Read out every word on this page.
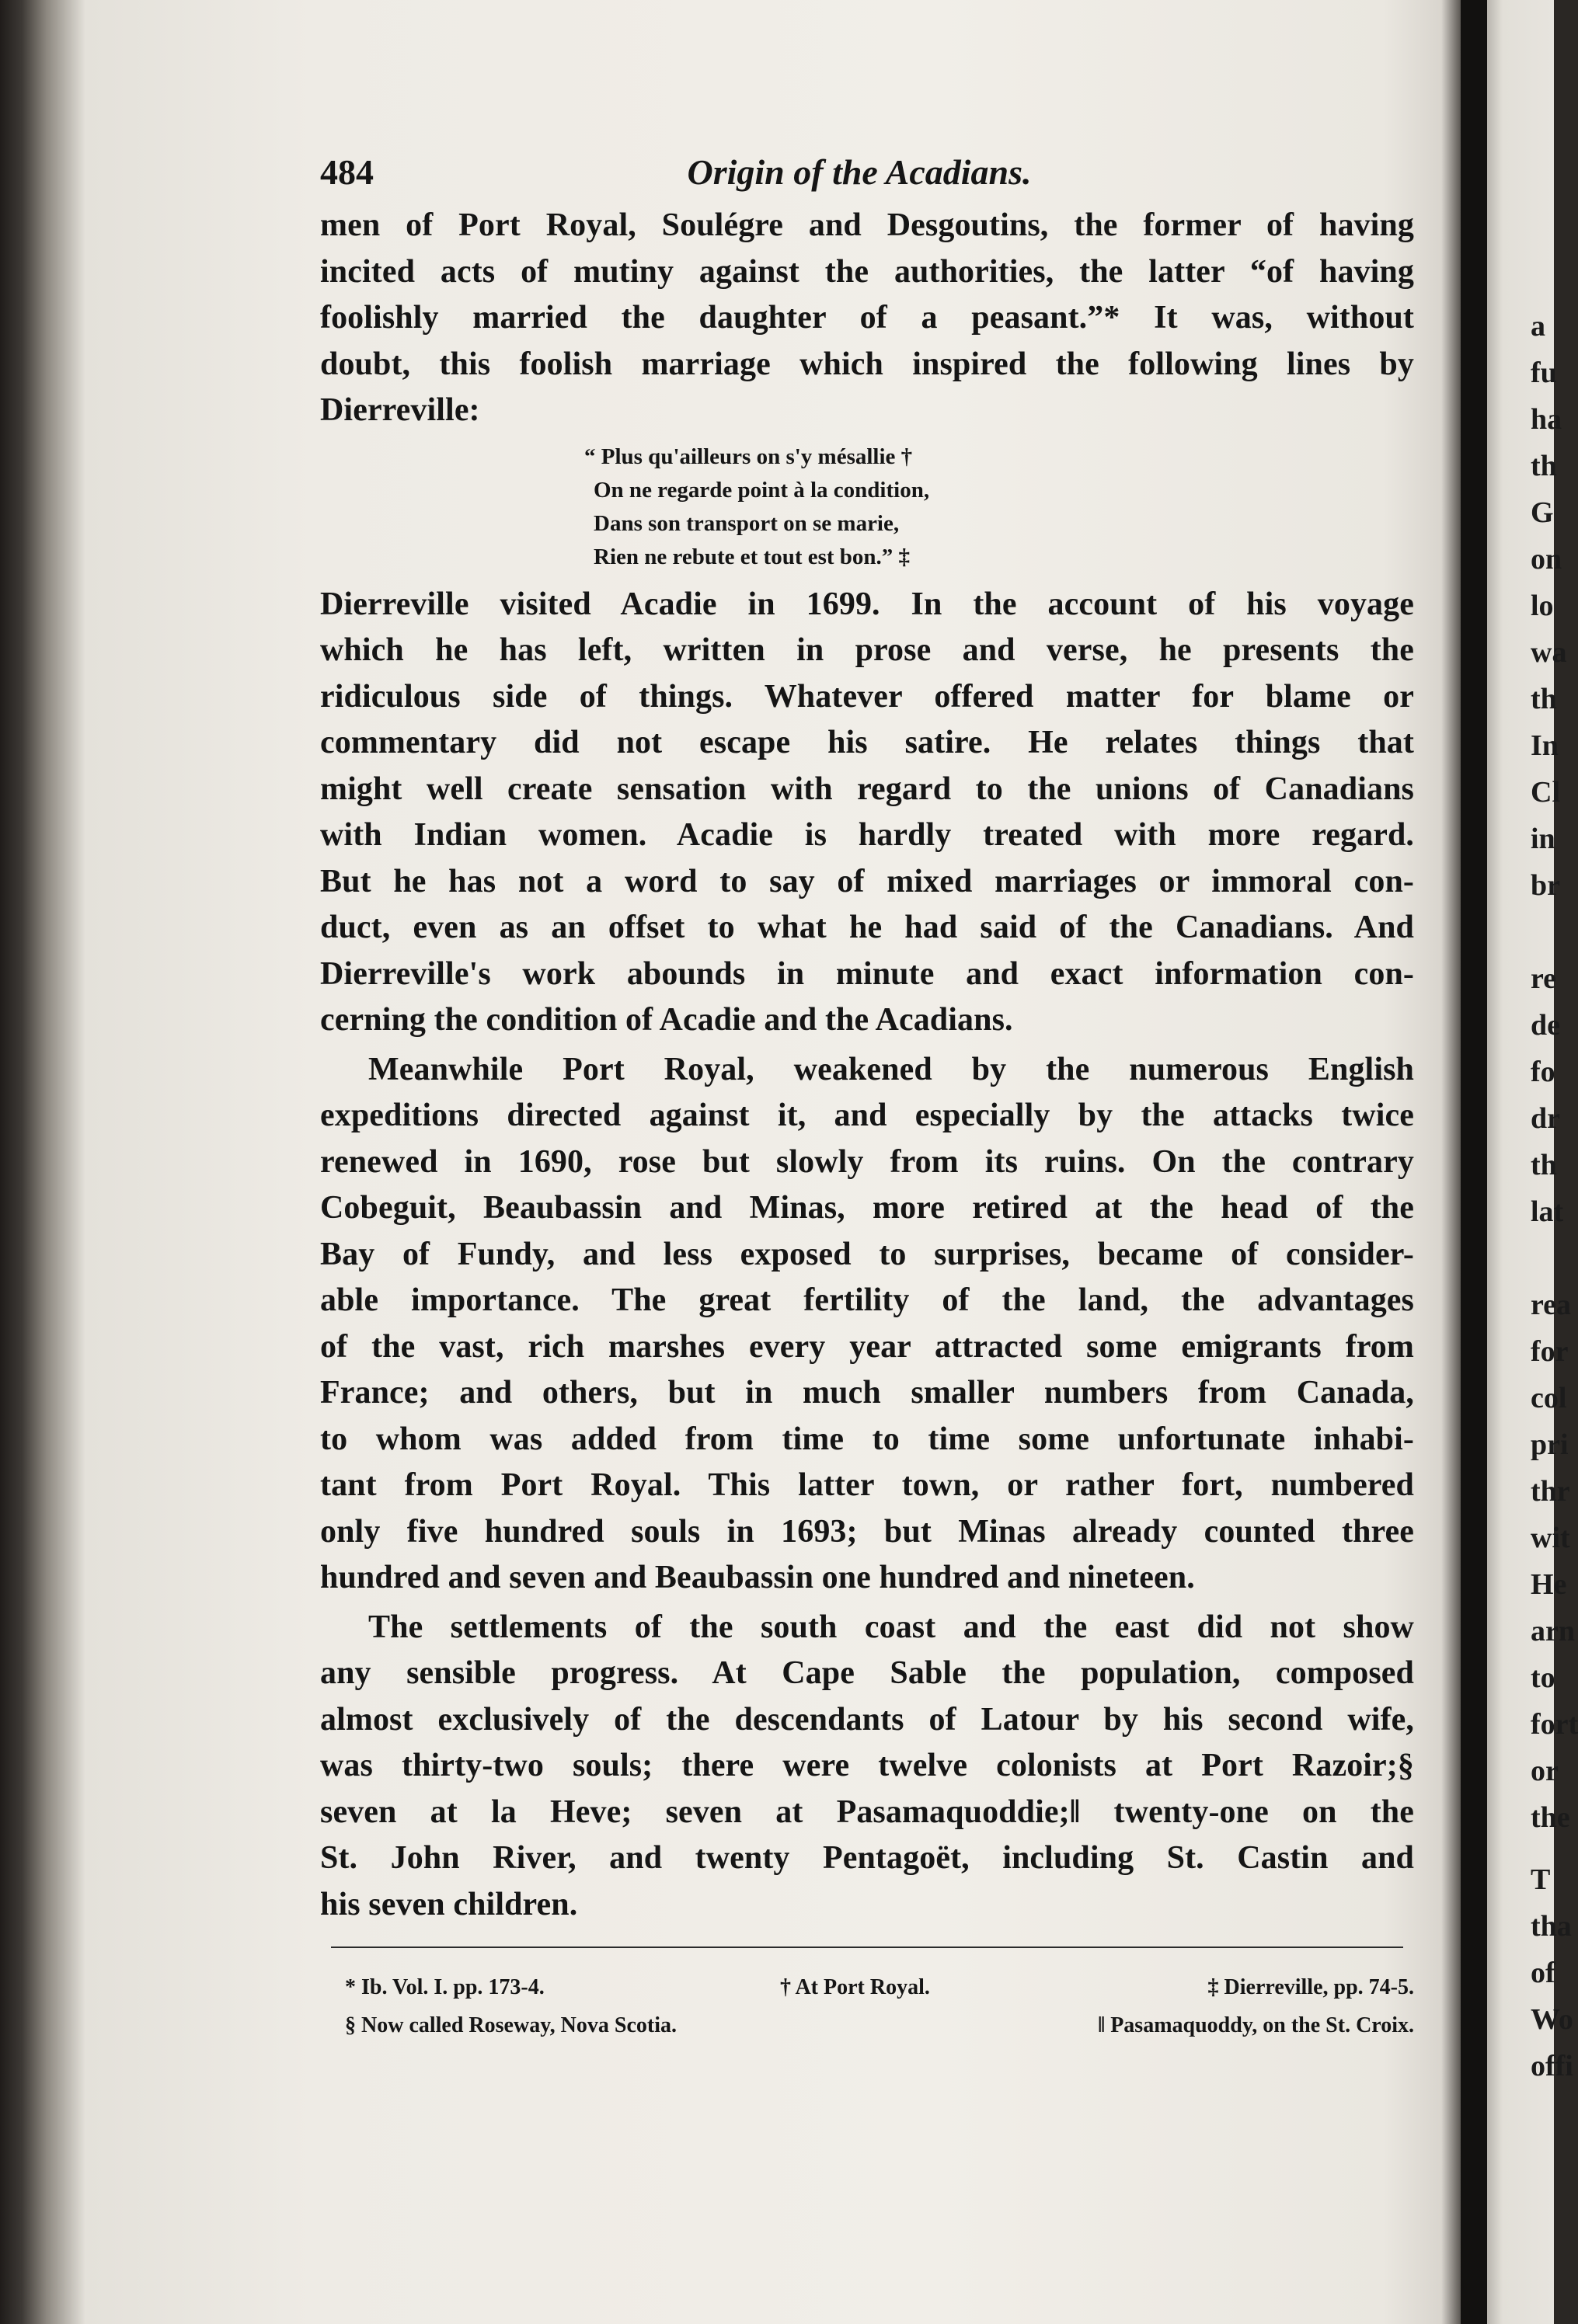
a
fu
ha
th
G
on
lo
wa
th
In
Cl
in
br
re
de
fo
dr
th
lat
rea
for
col
pri
thr
wit
He
arn
to
fort
or
the
T
tha
of
Wo
offi
484	Origin of the Acadians.
men of Port Royal, Soulégre and Desgoutins, the former of having
incited acts of mutiny against the authorities, the latter “of having
foolishly married the daughter of a peasant.”* It was, without
doubt, this foolish marriage which inspired the following lines by
Dierreville:
“ Plus qu'ailleurs on s'y mésallie †
On ne regarde point à la condition,
Dans son transport on se marie,
Rien ne rebute et tout est bon.” ‡
Dierreville visited Acadie in 1699. In the account of his voyage
which he has left, written in prose and verse, he presents the
ridiculous side of things. Whatever offered matter for blame or
commentary did not escape his satire. He relates things that
might well create sensation with regard to the unions of Canadians
with Indian women. Acadie is hardly treated with more regard.
But he has not a word to say of mixed marriages or immoral con-
duct, even as an offset to what he had said of the Canadians. And
Dierreville's work abounds in minute and exact information con-
cerning the condition of Acadie and the Acadians.
Meanwhile Port Royal, weakened by the numerous English
expeditions directed against it, and especially by the attacks twice
renewed in 1690, rose but slowly from its ruins. On the contrary
Cobeguit, Beaubassin and Minas, more retired at the head of the
Bay of Fundy, and less exposed to surprises, became of consider-
able importance. The great fertility of the land, the advantages
of the vast, rich marshes every year attracted some emigrants from
France; and others, but in much smaller numbers from Canada,
to whom was added from time to time some unfortunate inhabi-
tant from Port Royal. This latter town, or rather fort, numbered
only five hundred souls in 1693; but Minas already counted three
hundred and seven and Beaubassin one hundred and nineteen.
The settlements of the south coast and the east did not show
any sensible progress. At Cape Sable the population, composed
almost exclusively of the descendants of Latour by his second wife,
was thirty-two souls; there were twelve colonists at Port Razoir;§
seven at la Heve; seven at Pasamaquoddie;‖ twenty-one on the
St. John River, and twenty Pentagoët, including St. Castin and
his seven children.
* Ib. Vol. I. pp. 173-4.	† At Port Royal.	‡ Dierreville, pp. 74-5.
§ Now called Roseway, Nova Scotia.	‖ Pasamaquoddy, on the St. Croix.
